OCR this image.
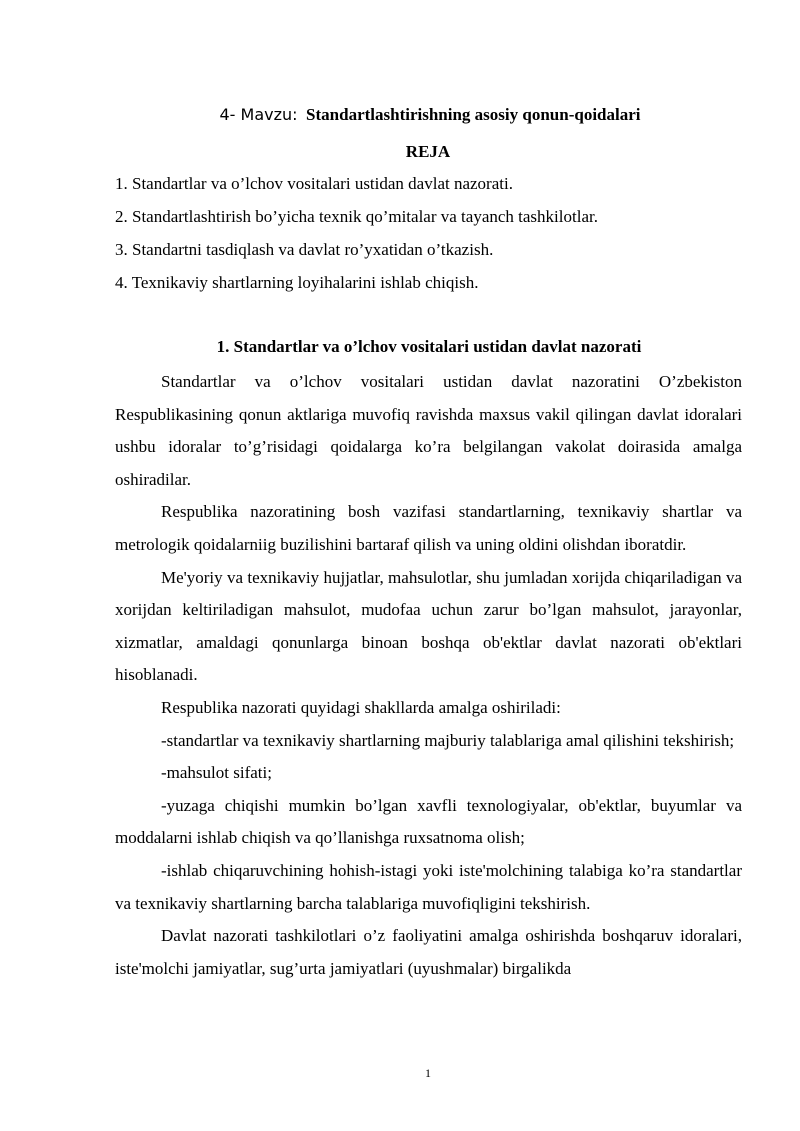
4- Mavzu: Standartlashtirishning asosiy qonun-qoidalari
REJA
1. Standartlar va o’lchov vositalari ustidan davlat nazorati.
2. Standartlashtirish bo’yicha texnik qo’mitalar va tayanch tashkilotlar.
3. Standartni tasdiqlash va davlat ro’yxatidan o’tkazish.
4. Texnikaviy shartlarning loyihalarini ishlab chiqish.
1. Standartlar va o’lchov vositalari ustidan davlat nazorati

Standartlar va o’lchov vositalari ustidan davlat nazoratini O’zbekiston Respublikasining qonun aktlariga muvofiq ravishda maxsus vakil qilingan davlat idoralari ushbu idoralar to’g’risidagi qoidalarga ko’ra belgilangan vakolat doirasida amalga oshiradilar.

Respublika nazoratining bosh vazifasi standartlarning, texnikaviy shartlar va metrologik qoidalarniig buzilishini bartaraf qilish va uning oldini olishdan iboratdir.

Me'yoriy va texnikaviy hujjatlar, mahsulotlar, shu jumladan xorijda chiqariladigan va xorijdan keltiriladigan mahsulot, mudofaa uchun zarur bo’lgan mahsulot, jarayonlar, xizmatlar, amaldagi qonunlarga binoan boshqa ob'ektlar davlat nazorati ob'ektlari hisoblanadi.

Respublika nazorati quyidagi shakllarda amalga oshiriladi:

-standartlar va texnikaviy shartlarning majburiy talablariga amal qilishini tekshirish;

-mahsulot sifati;

-yuzaga chiqishi mumkin bo’lgan xavfli texnologiyalar, ob'ektlar, buyumlar va moddalarni ishlab chiqish va qo’llanishga ruxsatnoma olish;

-ishlab chiqaruvchining hohish-istagi yoki iste'molchining talabiga ko’ra standartlar va texnikaviy shartlarning barcha talablariga muvofiqligini tekshirish.

Davlat nazorati tashkilotlari o’z faoliyatini amalga oshirishda boshqaruv idoralari, iste'molchi jamiyatlar, sug’urta jamiyatlari (uyushmalar) birgalikda

1
